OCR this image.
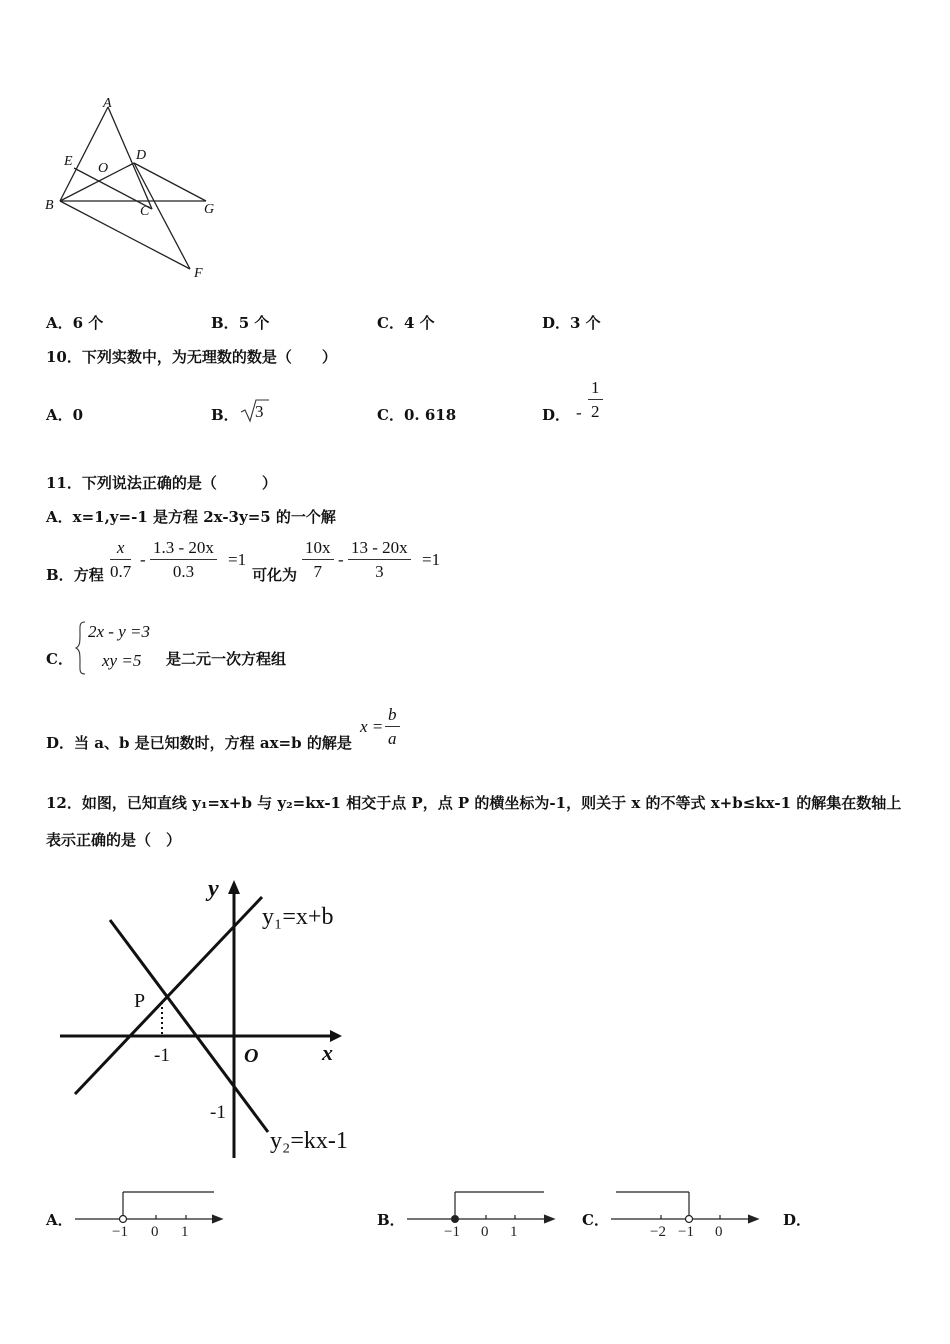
A
E O
D
B	C	G
F
A．6 个	B．5 个	C．4 个	D．3 个
10．下列实数中，为无理数的数是（　　）
A．0	B． 3	C．0. 618	D． - $\frac{1}{2}$
11．下列说法正确的是（　　　）
A．x=1,y=-1 是方程 2x-3y=5 的一个解
B．方程 $\frac{x}{0.7} - \frac{1.3 - 20x}{0.3} =1$
可化为 $\frac{10x}{7} - \frac{13 - 20x}{3} =1$
C．
2x - y =3
xy =5 是二元一次方程组
D．当 a、b 是已知数时，方程 ax=b 的解是
$x = \frac{b}{a}$
12．如图，已知直线 y₁=x+b 与 y₂=kx-1 相交于点 P，点 P 的横坐标为-1，则关于 x 的不等式 x+b≤kx-1 的解集在数轴上
表示正确的是（　）
y
x
O
P
-1
-1
y₁=x+b
y₂=kx-1
A．
−1 0 1
B．
−1 0 1
C．
−2 −1 0
D．
